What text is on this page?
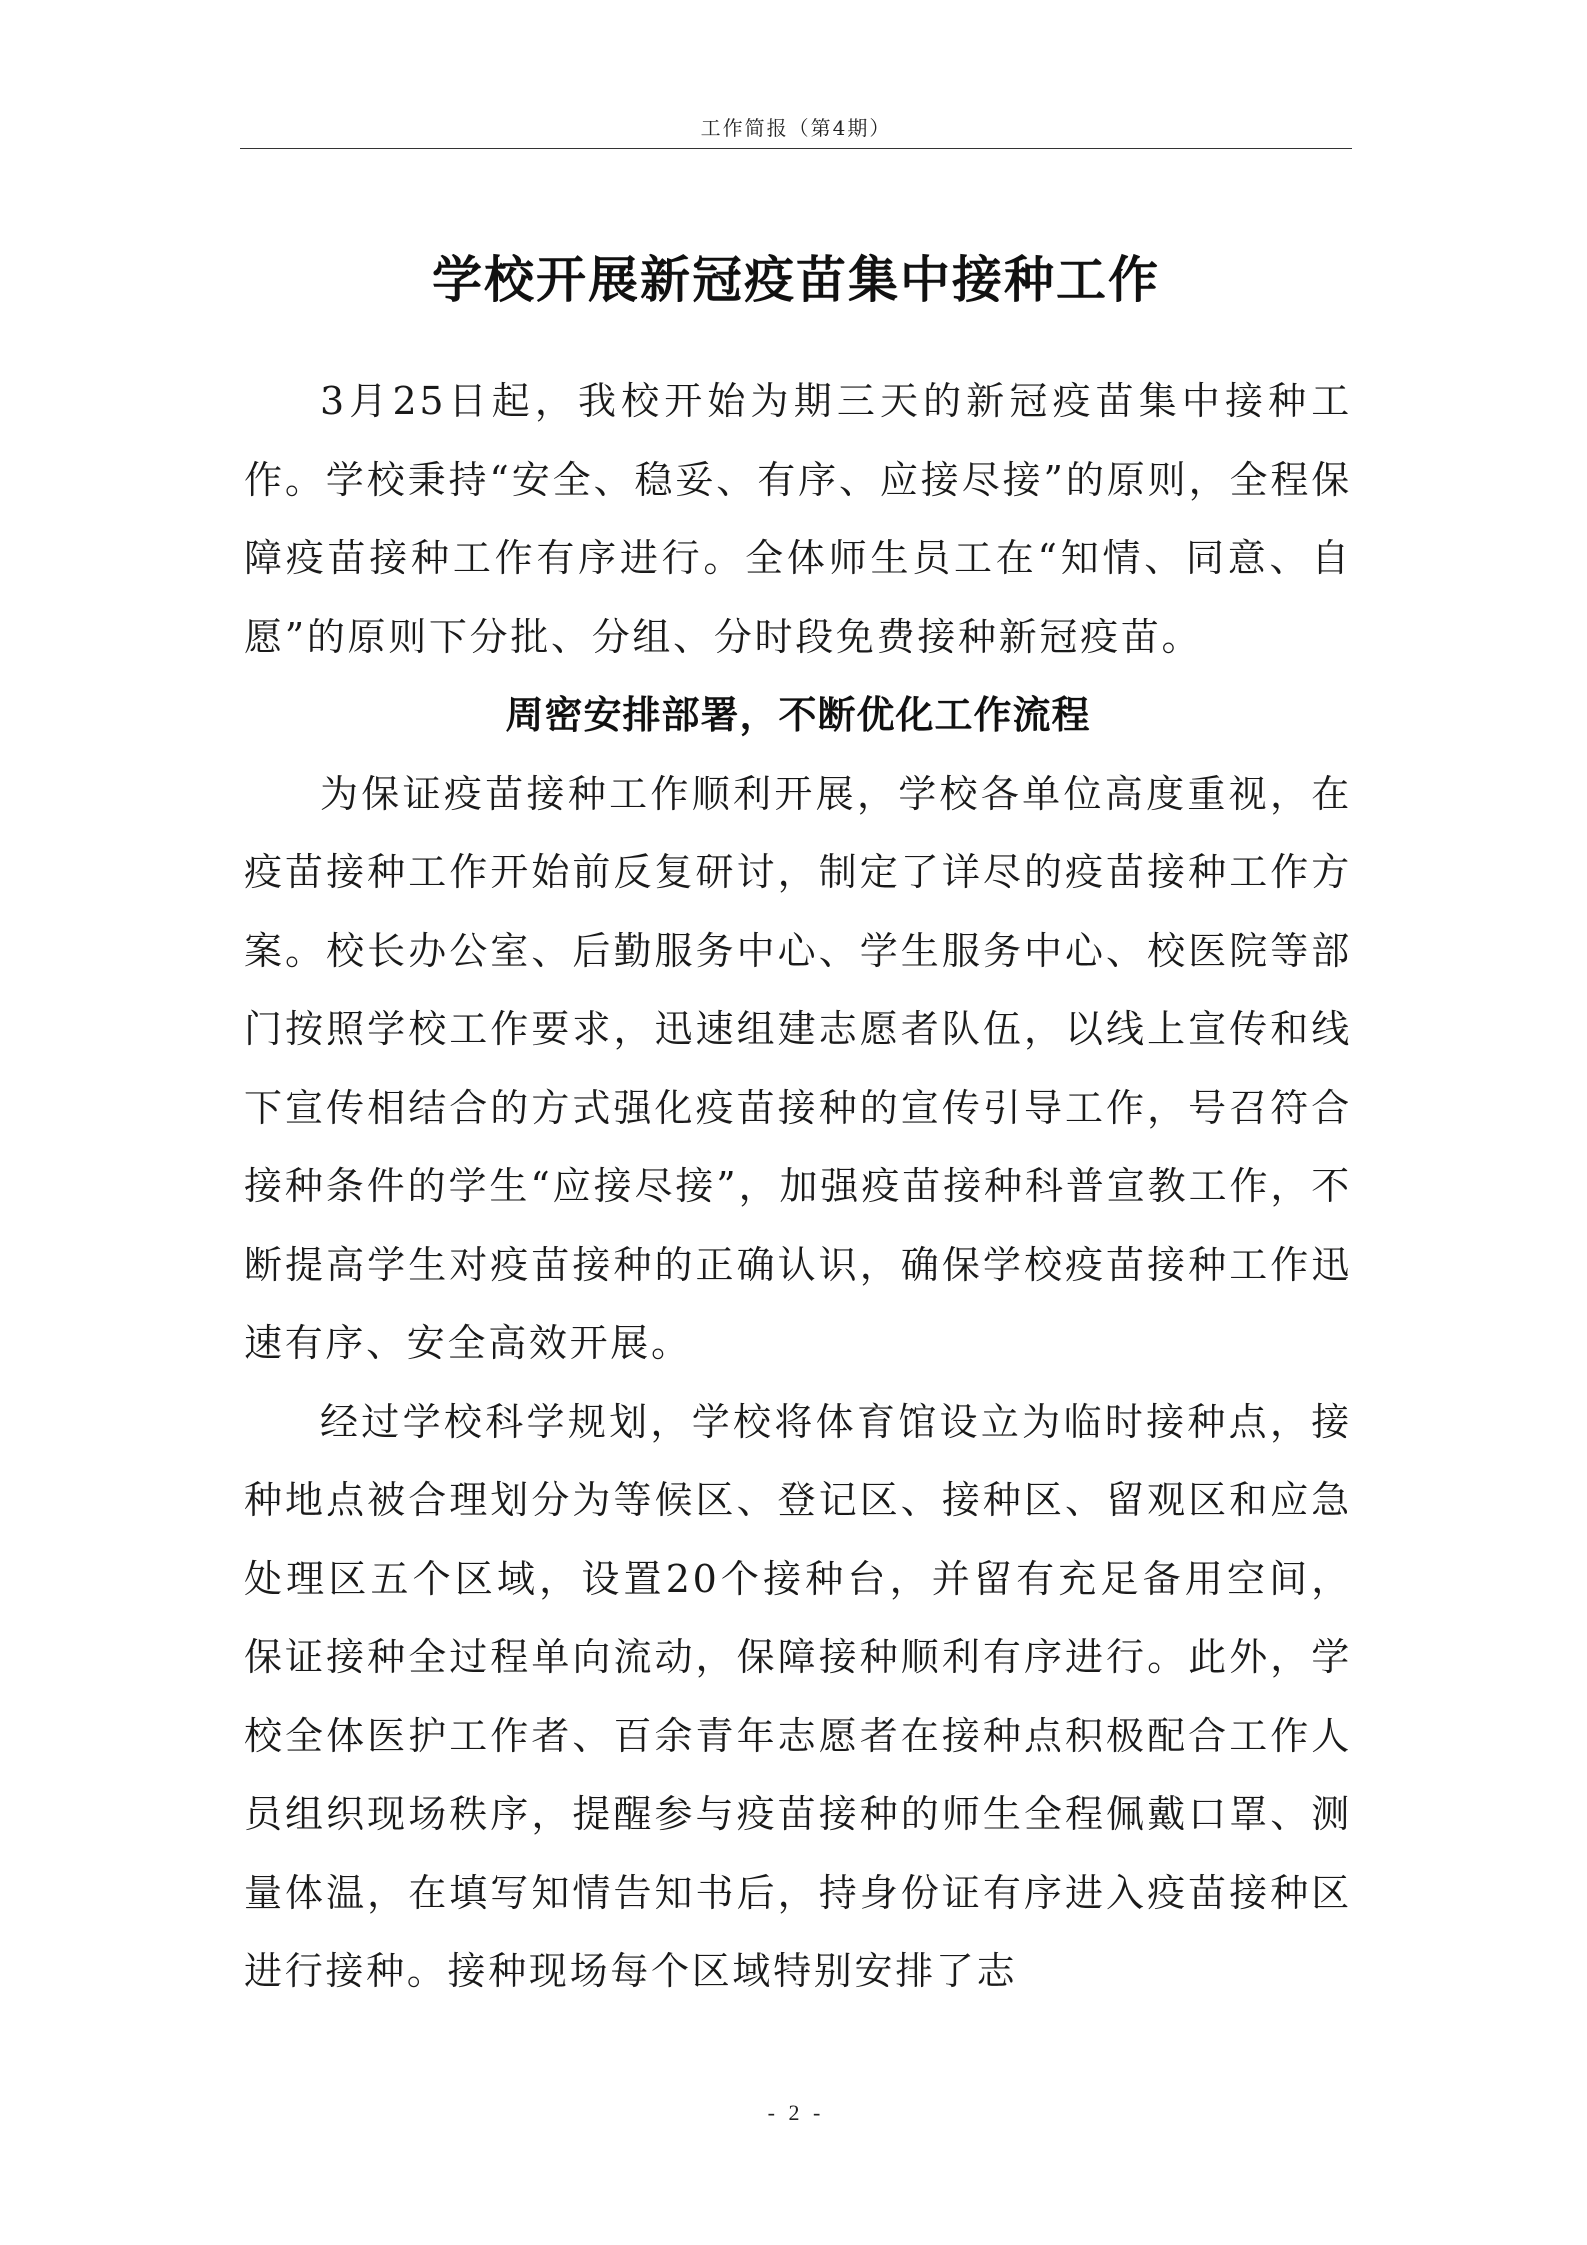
工作简报（第4期）
学校开展新冠疫苗集中接种工作

3月25日起，我校开始为期三天的新冠疫苗集中接种工作。学校秉持“安全、稳妥、有序、应接尽接”的原则，全程保障疫苗接种工作有序进行。全体师生员工在“知情、同意、自愿”的原则下分批、分组、分时段免费接种新冠疫苗。

周密安排部署，不断优化工作流程

为保证疫苗接种工作顺利开展，学校各单位高度重视，在疫苗接种工作开始前反复研讨，制定了详尽的疫苗接种工作方案。校长办公室、后勤服务中心、学生服务中心、校医院等部门按照学校工作要求，迅速组建志愿者队伍，以线上宣传和线下宣传相结合的方式强化疫苗接种的宣传引导工作，号召符合接种条件的学生“应接尽接”，加强疫苗接种科普宣教工作，不断提高学生对疫苗接种的正确认识，确保学校疫苗接种工作迅速有序、安全高效开展。

经过学校科学规划，学校将体育馆设立为临时接种点，接种地点被合理划分为等候区、登记区、接种区、留观区和应急处理区五个区域，设置20个接种台，并留有充足备用空间，保证接种全过程单向流动，保障接种顺利有序进行。此外，学校全体医护工作者、百余青年志愿者在接种点积极配合工作人员组织现场秩序，提醒参与疫苗接种的师生全程佩戴口罩、测量体温，在填写知情告知书后，持身份证有序进入疫苗接种区进行接种。接种现场每个区域特别安排了志

- 2 -
